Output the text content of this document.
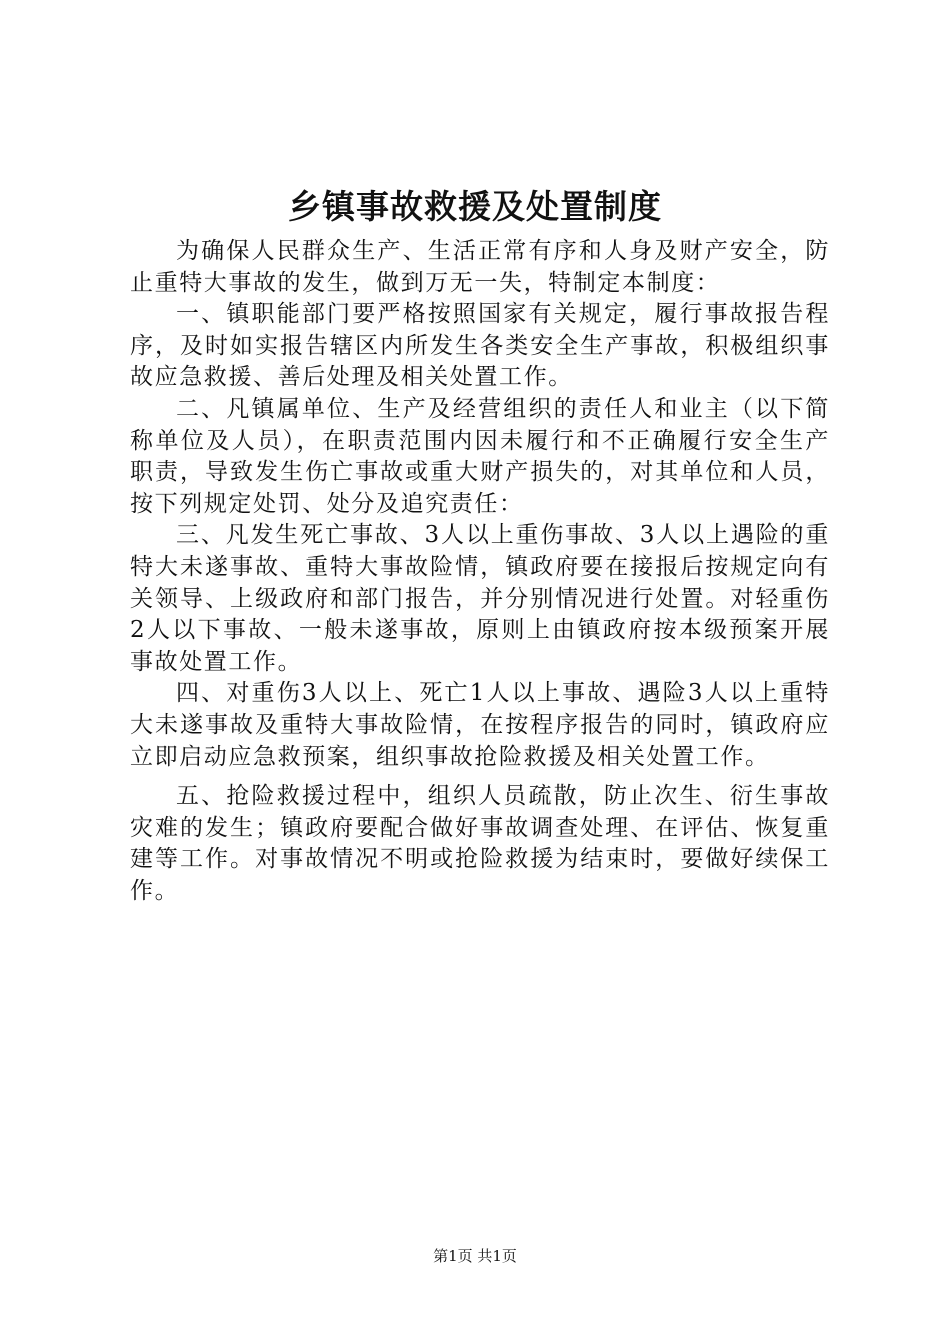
乡镇事故救援及处置制度

为确保人民群众生产、生活正常有序和人身及财产安全，防止重特大事故的发生，做到万无一失，特制定本制度：

一、镇职能部门要严格按照国家有关规定，履行事故报告程序，及时如实报告辖区内所发生各类安全生产事故，积极组织事故应急救援、善后处理及相关处置工作。

二、凡镇属单位、生产及经营组织的责任人和业主（以下简称单位及人员），在职责范围内因未履行和不正确履行安全生产职责，导致发生伤亡事故或重大财产损失的，对其单位和人员，按下列规定处罚、处分及追究责任：

三、凡发生死亡事故、3人以上重伤事故、3人以上遇险的重特大未遂事故、重特大事故险情，镇政府要在接报后按规定向有关领导、上级政府和部门报告，并分别情况进行处置。对轻重伤2人以下事故、一般未遂事故，原则上由镇政府按本级预案开展事故处置工作。

四、对重伤3人以上、死亡1人以上事故、遇险3人以上重特大未遂事故及重特大事故险情，在按程序报告的同时，镇政府应立即启动应急救预案，组织事故抢险救援及相关处置工作。

五、抢险救援过程中，组织人员疏散，防止次生、衍生事故灾难的发生；镇政府要配合做好事故调查处理、在评估、恢复重建等工作。对事故情况不明或抢险救援为结束时，要做好续保工作。

第1页 共1页
